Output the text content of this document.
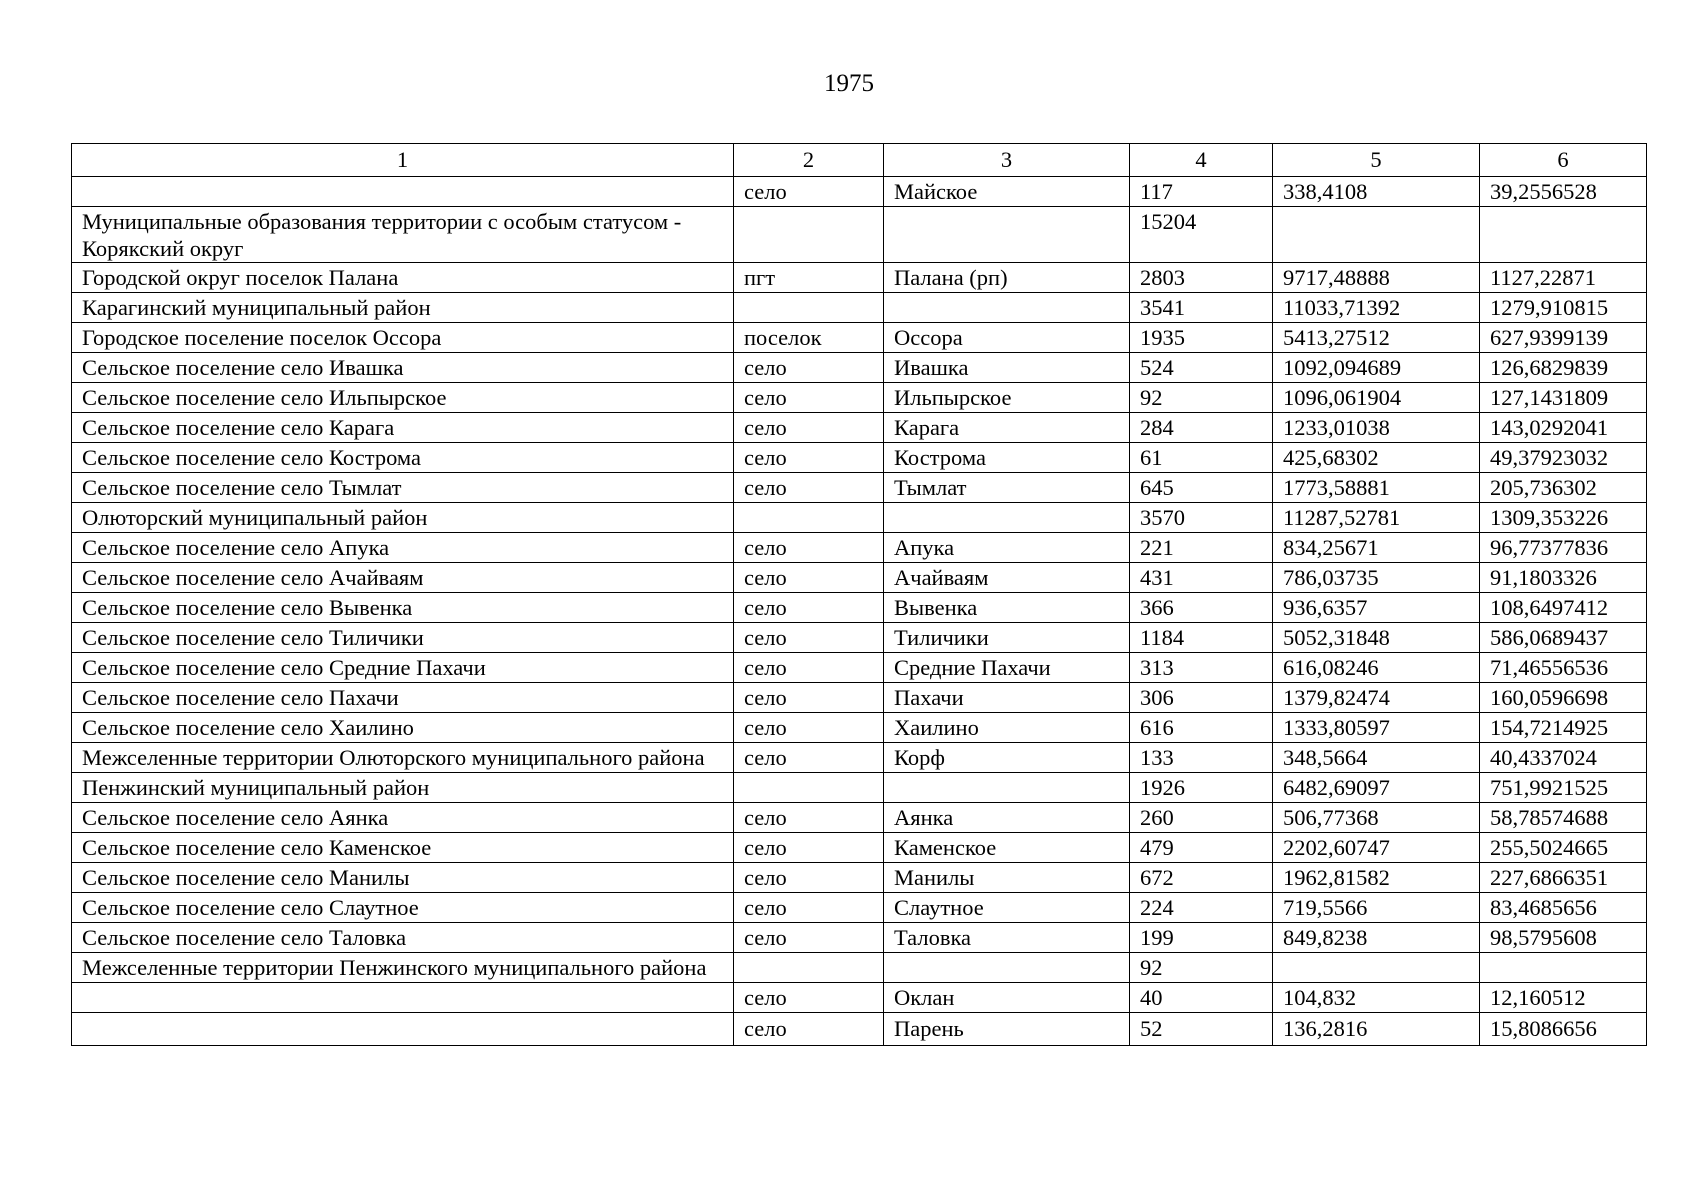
1975
1	2	3	4	5	6
	село	Майское	117	338,4108	39,2556528
Муниципальные образования территории с особым статусом - Корякский округ			15204		
Городской округ поселок Палана	пгт	Палана (рп)	2803	9717,48888	1127,22871
Карагинский муниципальный район			3541	11033,71392	1279,910815
Городское поселение поселок Оссора	поселок	Оссора	1935	5413,27512	627,9399139
Сельское поселение село Ивашка	село	Ивашка	524	1092,094689	126,6829839
Сельское поселение село Ильпырское	село	Ильпырское	92	1096,061904	127,1431809
Сельское поселение село Карага	село	Карага	284	1233,01038	143,0292041
Сельское поселение село Кострома	село	Кострома	61	425,68302	49,37923032
Сельское поселение село Тымлат	село	Тымлат	645	1773,58881	205,736302
Олюторский муниципальный район			3570	11287,52781	1309,353226
Сельское поселение село Апука	село	Апука	221	834,25671	96,77377836
Сельское поселение село Ачайваям	село	Ачайваям	431	786,03735	91,1803326
Сельское поселение село Вывенка	село	Вывенка	366	936,6357	108,6497412
Сельское поселение село Тиличики	село	Тиличики	1184	5052,31848	586,0689437
Сельское поселение село Средние Пахачи	село	Средние Пахачи	313	616,08246	71,46556536
Сельское поселение село Пахачи	село	Пахачи	306	1379,82474	160,0596698
Сельское поселение село Хаилино	село	Хаилино	616	1333,80597	154,7214925
Межселенные территории Олюторского муниципального района	село	Корф	133	348,5664	40,4337024
Пенжинский муниципальный район			1926	6482,69097	751,9921525
Сельское поселение село Аянка	село	Аянка	260	506,77368	58,78574688
Сельское поселение село Каменское	село	Каменское	479	2202,60747	255,5024665
Сельское поселение село Манилы	село	Манилы	672	1962,81582	227,6866351
Сельское поселение село Слаутное	село	Слаутное	224	719,5566	83,4685656
Сельское поселение село Таловка	село	Таловка	199	849,8238	98,5795608
Межселенные территории Пенжинского муниципального района			92		
	село	Оклан	40	104,832	12,160512
	село	Парень	52	136,2816	15,8086656
